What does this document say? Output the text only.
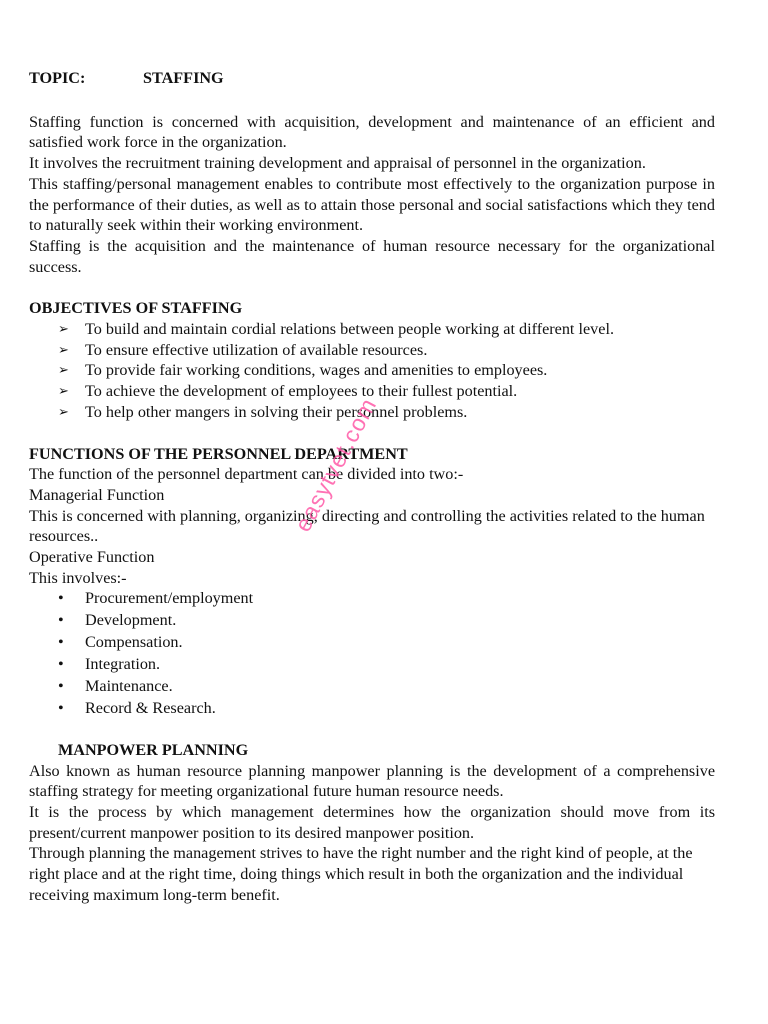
TOPIC:	STAFFING

Staffing function is concerned with acquisition, development and maintenance of an efficient and satisfied work force in the organization.

It involves the recruitment training development and appraisal of personnel in the organization.

This staffing/personal management enables to contribute most effectively to the organization purpose in the performance of their duties, as well as to attain those personal and social satisfactions which they tend to naturally seek within their working environment.

Staffing is the acquisition and the maintenance of human resource necessary for the organizational success.

OBJECTIVES OF STAFFING
➢ To build and maintain cordial relations between people working at different level.
➢ To ensure effective utilization of available resources.
➢ To provide fair working conditions, wages and amenities to employees.
➢ To achieve the development of employees to their fullest potential.
➢ To help other mangers in solving their personnel problems.
FUNCTIONS OF THE PERSONNEL DEPARTMENT

The function of the personnel department can be divided into two:-

Managerial Function

This is concerned with planning, organizing, directing and controlling the activities related to the human resources..

Operative Function

This involves:-

• Procurement/employment
• Development.
• Compensation.
• Integration.
• Maintenance.
• Record & Research.
MANPOWER PLANNING

Also known as human resource planning manpower planning is the development of a comprehensive staffing strategy for meeting organizational future human resource needs.

It is the process by which management determines how the organization should move from its present/current manpower position to its desired manpower position.

Through planning the management strives to have the right number and the right kind of people, at the right place and at the right time, doing things which result in both the organization and the individual receiving maximum long-term benefit.

easytvet.com
